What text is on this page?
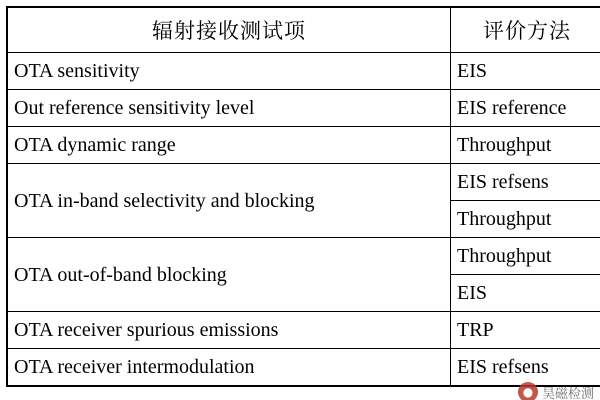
辐射接收测试项	评价方法
OTA sensitivity	EIS
Out reference sensitivity level	EIS reference
OTA dynamic range	Throughput
OTA in-band selectivity and blocking	EIS refsens
	Throughput
OTA out-of-band blocking	Throughput
	EIS
OTA receiver spurious emissions	TRP
OTA receiver intermodulation	EIS refsens
● 昊磁检测
